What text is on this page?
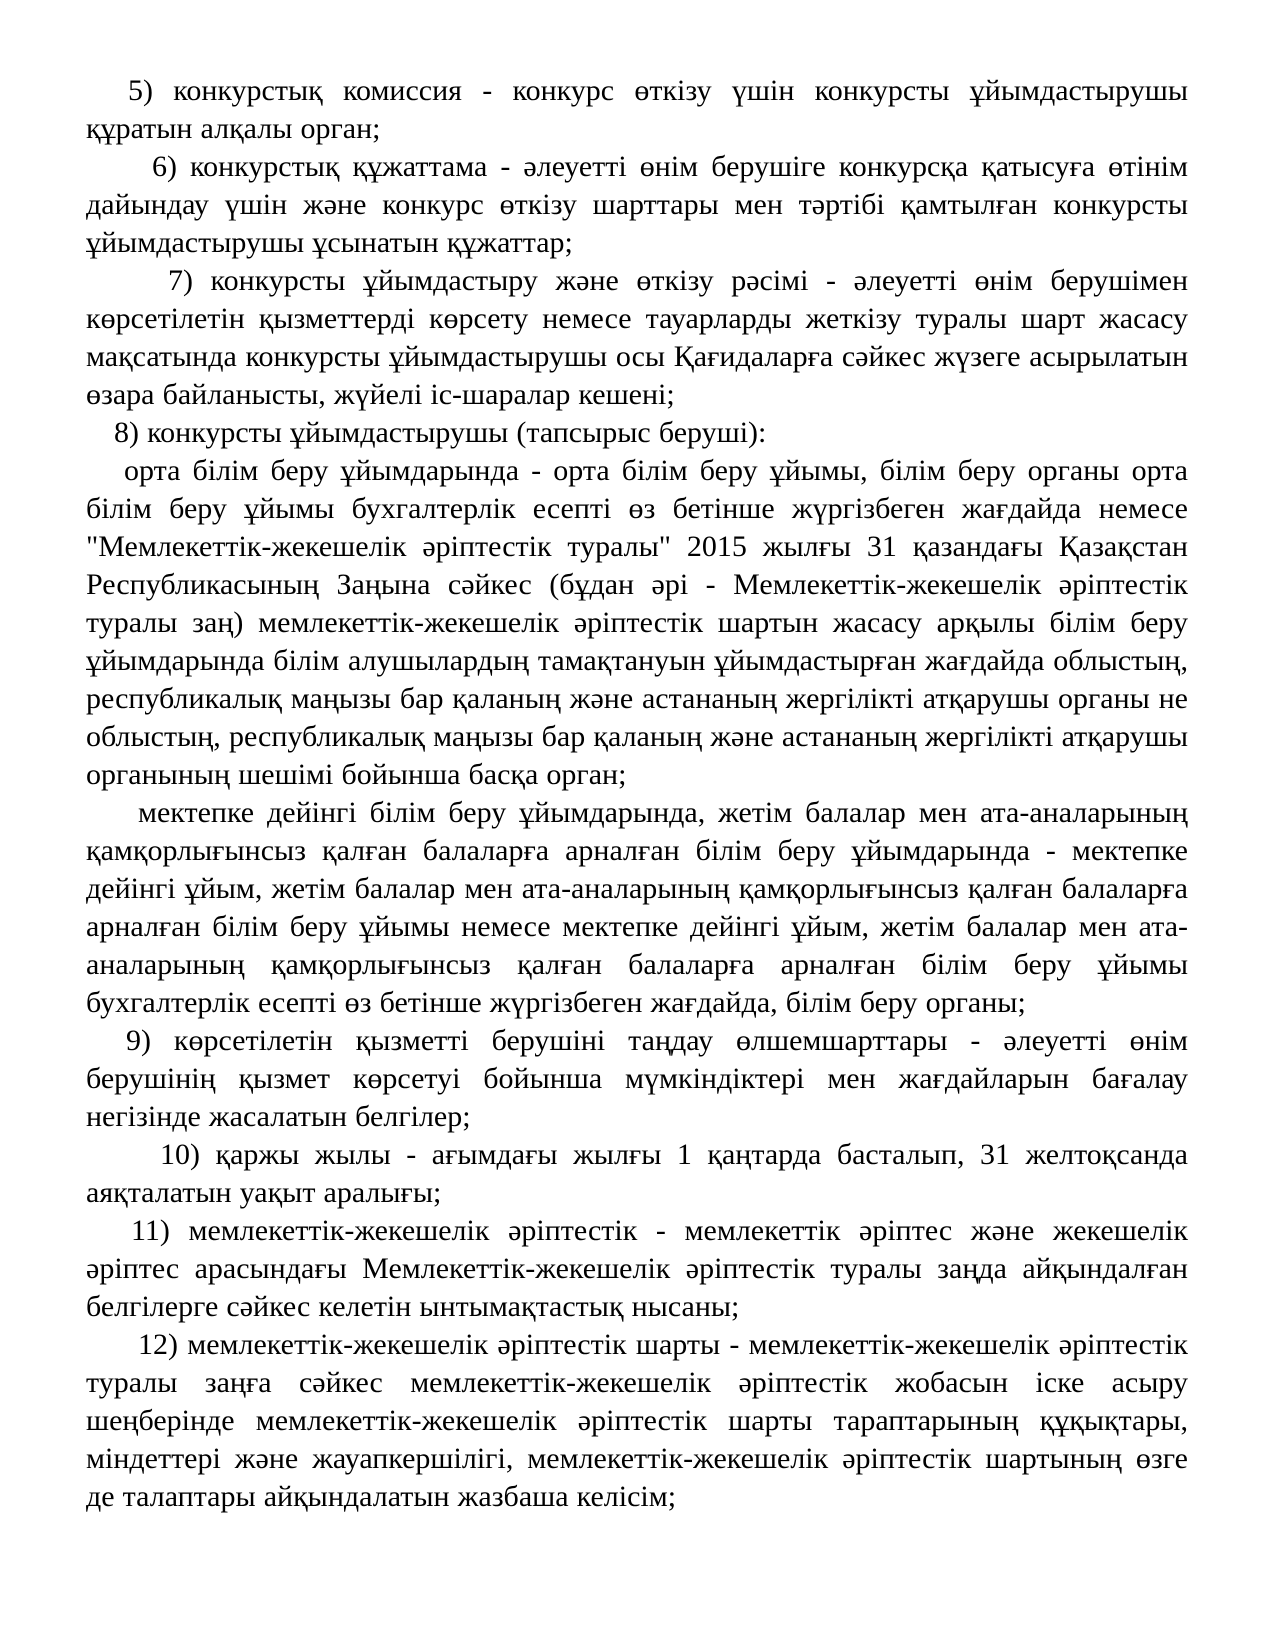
5) конкурстық комиссия - конкурс өткізу үшін конкурсты ұйымдастырушы құратын алқалы орган;

6) конкурстық құжаттама - әлеуетті өнім берушіге конкурсқа қатысуға өтінім дайындау үшін және конкурс өткізу шарттары мен тәртібі қамтылған конкурсты ұйымдастырушы ұсынатын құжаттар;

7) конкурсты ұйымдастыру және өткізу рәсімі - әлеуетті өнім берушімен көрсетілетін қызметтерді көрсету немесе тауарларды жеткізу туралы шарт жасасу мақсатында конкурсты ұйымдастырушы осы Қағидаларға сәйкес жүзеге асырылатын өзара байланысты, жүйелі іс-шаралар кешені;

8) конкурсты ұйымдастырушы (тапсырыс беруші):

орта білім беру ұйымдарында - орта білім беру ұйымы, білім беру органы орта білім беру ұйымы бухгалтерлік есепті өз бетінше жүргізбеген жағдайда немесе "Мемлекеттік-жекешелік әріптестік туралы" 2015 жылғы 31 қазандағы Қазақстан Республикасының Заңына сәйкес (бұдан әрі - Мемлекеттік-жекешелік әріптестік туралы заң) мемлекеттік-жекешелік әріптестік шартын жасасу арқылы білім беру ұйымдарында білім алушылардың тамақтануын ұйымдастырған жағдайда облыстың, республикалық маңызы бар қаланың және астананың жергілікті атқарушы органы не облыстың, республикалық маңызы бар қаланың және астананың жергілікті атқарушы органының шешімі бойынша басқа орган;

мектепке дейінгі білім беру ұйымдарында, жетім балалар мен ата-аналарының қамқорлығынсыз қалған балаларға арналған білім беру ұйымдарында - мектепке дейінгі ұйым, жетім балалар мен ата-аналарының қамқорлығынсыз қалған балаларға арналған білім беру ұйымы немесе мектепке дейінгі ұйым, жетім балалар мен ата-аналарының қамқорлығынсыз қалған балаларға арналған білім беру ұйымы бухгалтерлік есепті өз бетінше жүргізбеген жағдайда, білім беру органы;

9) көрсетілетін қызметті берушіні таңдау өлшемшарттары - әлеуетті өнім берушінің қызмет көрсетуі бойынша мүмкіндіктері мен жағдайларын бағалау негізінде жасалатын белгілер;

10) қаржы жылы - ағымдағы жылғы 1 қаңтарда басталып, 31 желтоқсанда аяқталатын уақыт аралығы;

11) мемлекеттік-жекешелік әріптестік - мемлекеттік әріптес және жекешелік әріптес арасындағы Мемлекеттік-жекешелік әріптестік туралы заңда айқындалған белгілерге сәйкес келетін ынтымақтастық нысаны;

12) мемлекеттік-жекешелік әріптестік шарты - мемлекеттік-жекешелік әріптестік туралы заңға сәйкес мемлекеттік-жекешелік әріптестік жобасын іске асыру шеңберінде мемлекеттік-жекешелік әріптестік шарты тараптарының құқықтары, міндеттері және жауапкершілігі, мемлекеттік-жекешелік әріптестік шартының өзге де талаптары айқындалатын жазбаша келісім;
